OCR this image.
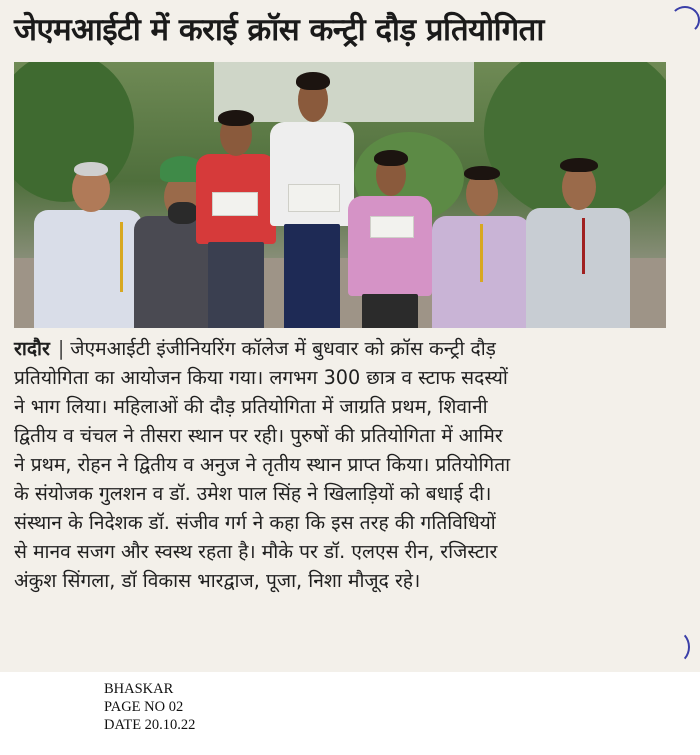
जेएमआईटी में कराई क्रॉस कन्ट्री दौड़ प्रतियोगिता
रादौर | जेएमआईटी इंजीनियरिंग कॉलेज में बुधवार को क्रॉस कन्ट्री दौड़
प्रतियोगिता का आयोजन किया गया। लगभग 300 छात्र व स्टाफ सदस्यों
ने भाग लिया। महिलाओं की दौड़ प्रतियोगिता में जाग्रति प्रथम, शिवानी
द्वितीय व चंचल ने तीसरा स्थान पर रही। पुरुषों की प्रतियोगिता में आमिर
ने प्रथम, रोहन ने द्वितीय व अनुज ने तृतीय स्थान प्राप्त किया। प्रतियोगिता
के संयोजक गुलशन व डॉ. उमेश पाल सिंह ने खिलाड़ियों को बधाई दी।
संस्थान के निदेशक डॉ. संजीव गर्ग ने कहा कि इस तरह की गतिविधियों
से मानव सजग और स्वस्थ रहता है। मौके पर डॉ. एलएस रीन, रजिस्टार
अंकुश सिंगला, डॉ विकास भारद्वाज, पूजा, निशा मौजूद रहे।
BHASKAR
PAGE NO 02
DATE 20.10.22
